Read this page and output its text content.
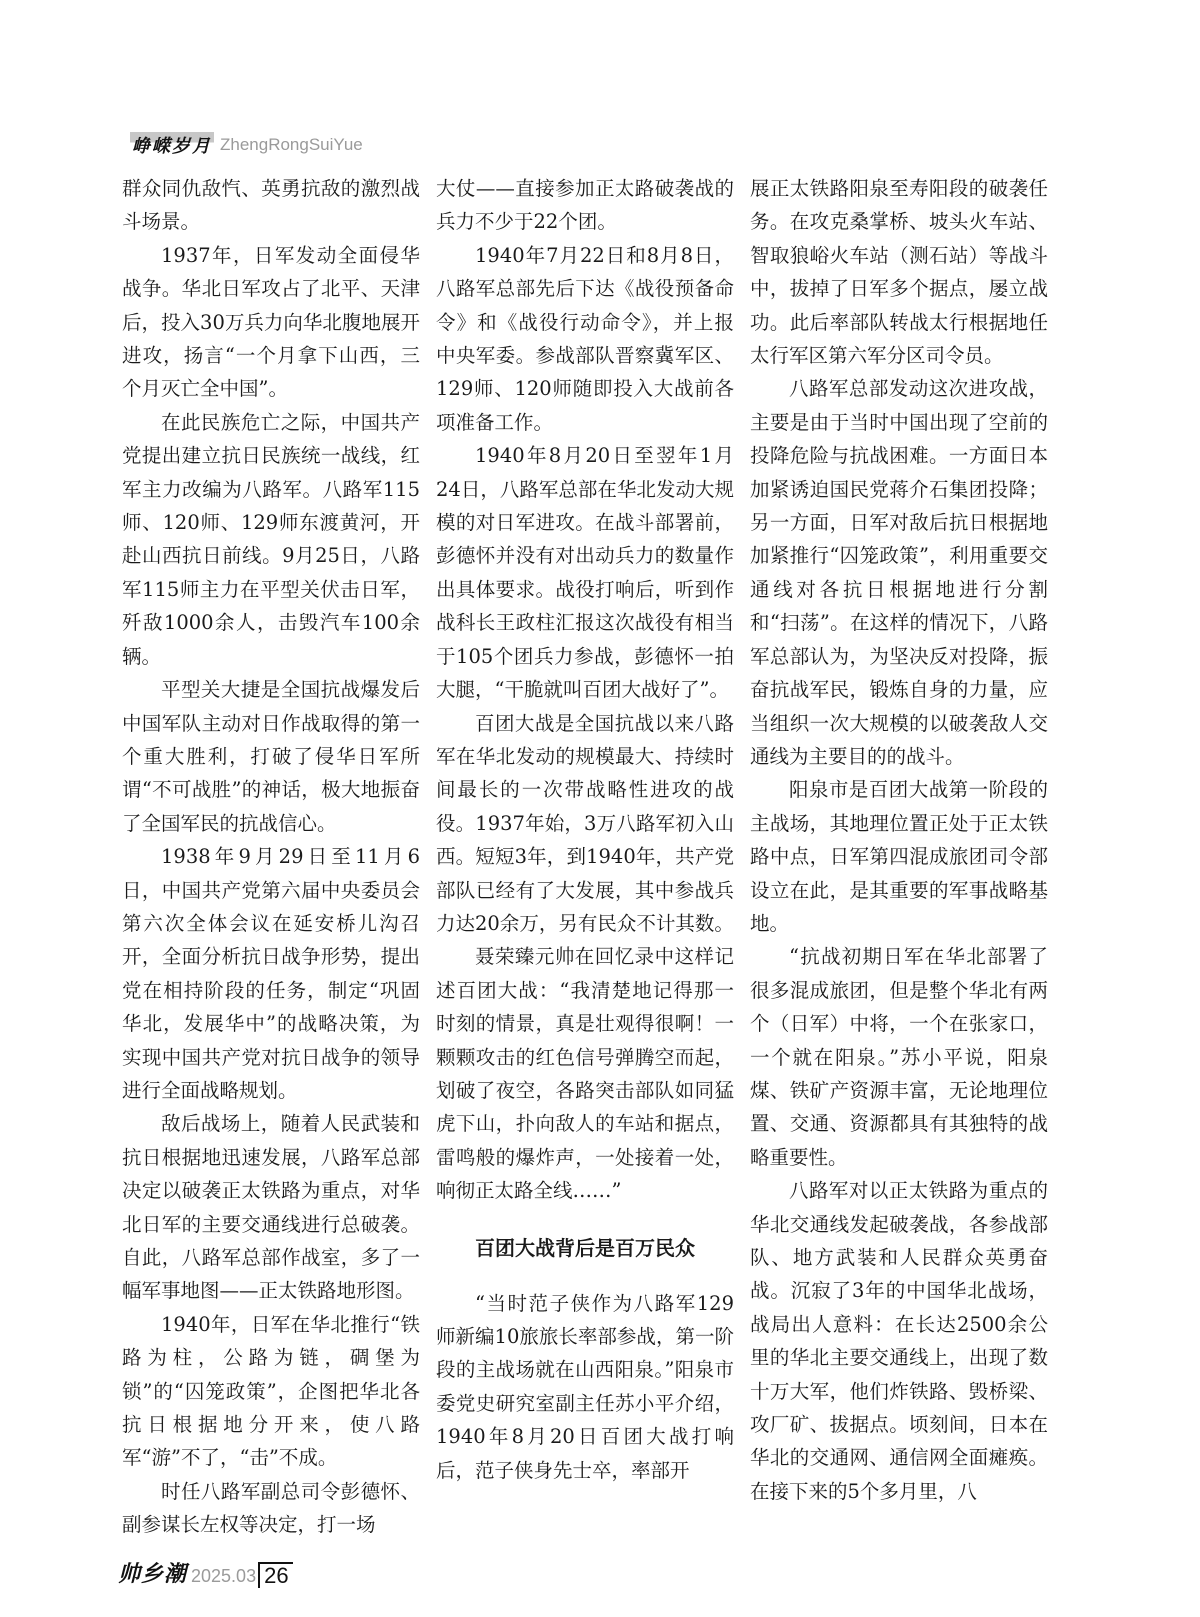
峥嵘岁月 ZhengRongSuiYue

群众同仇敌忾、英勇抗敌的激烈战斗场景。

1937年，日军发动全面侵华战争。华北日军攻占了北平、天津后，投入30万兵力向华北腹地展开进攻，扬言“一个月拿下山西，三个月灭亡全中国”。

在此民族危亡之际，中国共产党提出建立抗日民族统一战线，红军主力改编为八路军。八路军115师、120师、129师东渡黄河，开赴山西抗日前线。9月25日，八路军115师主力在平型关伏击日军，歼敌1000余人，击毁汽车100余辆。

平型关大捷是全国抗战爆发后中国军队主动对日作战取得的第一个重大胜利，打破了侵华日军所谓“不可战胜”的神话，极大地振奋了全国军民的抗战信心。

1938年9月29日至11月6日，中国共产党第六届中央委员会第六次全体会议在延安桥儿沟召开，全面分析抗日战争形势，提出党在相持阶段的任务，制定“巩固华北，发展华中”的战略决策，为实现中国共产党对抗日战争的领导进行全面战略规划。

敌后战场上，随着人民武装和抗日根据地迅速发展，八路军总部决定以破袭正太铁路为重点，对华北日军的主要交通线进行总破袭。自此，八路军总部作战室，多了一幅军事地图——正太铁路地形图。

1940年，日军在华北推行“铁路为柱，公路为链，碉堡为锁”的“囚笼政策”，企图把华北各抗日根据地分开来，使八路军“游”不了，“击”不成。

时任八路军副总司令彭德怀、副参谋长左权等决定，打一场

大仗——直接参加正太路破袭战的兵力不少于22个团。

1940年7月22日和8月8日，八路军总部先后下达《战役预备命令》和《战役行动命令》，并上报中央军委。参战部队晋察冀军区、129师、120师随即投入大战前各项准备工作。

1940年8月20日至翌年1月24日，八路军总部在华北发动大规模的对日军进攻。在战斗部署前，彭德怀并没有对出动兵力的数量作出具体要求。战役打响后，听到作战科长王政柱汇报这次战役有相当于105个团兵力参战，彭德怀一拍大腿，“干脆就叫百团大战好了”。

百团大战是全国抗战以来八路军在华北发动的规模最大、持续时间最长的一次带战略性进攻的战役。1937年始，3万八路军初入山西。短短3年，到1940年，共产党部队已经有了大发展，其中参战兵力达20余万，另有民众不计其数。

聂荣臻元帅在回忆录中这样记述百团大战：“我清楚地记得那一时刻的情景，真是壮观得很啊！一颗颗攻击的红色信号弹腾空而起，划破了夜空，各路突击部队如同猛虎下山，扑向敌人的车站和据点，雷鸣般的爆炸声，一处接着一处，响彻正太路全线……”

百团大战背后是百万民众

“当时范子侠作为八路军129师新编10旅旅长率部参战，第一阶段的主战场就在山西阳泉。”阳泉市委党史研究室副主任苏小平介绍，1940年8月20日百团大战打响后，范子侠身先士卒，率部开

展正太铁路阳泉至寿阳段的破袭任务。在攻克桑掌桥、坡头火车站、智取狼峪火车站（测石站）等战斗中，拔掉了日军多个据点，屡立战功。此后率部队转战太行根据地任太行军区第六军分区司令员。

八路军总部发动这次进攻战，主要是由于当时中国出现了空前的投降危险与抗战困难。一方面日本加紧诱迫国民党蒋介石集团投降；另一方面，日军对敌后抗日根据地加紧推行“囚笼政策”，利用重要交通线对各抗日根据地进行分割和“扫荡”。在这样的情况下，八路军总部认为，为坚决反对投降，振奋抗战军民，锻炼自身的力量，应当组织一次大规模的以破袭敌人交通线为主要目的的战斗。

阳泉市是百团大战第一阶段的主战场，其地理位置正处于正太铁路中点，日军第四混成旅团司令部设立在此，是其重要的军事战略基地。

“抗战初期日军在华北部署了很多混成旅团，但是整个华北有两个（日军）中将，一个在张家口，一个就在阳泉。”苏小平说，阳泉煤、铁矿产资源丰富，无论地理位置、交通、资源都具有其独特的战略重要性。

八路军对以正太铁路为重点的华北交通线发起破袭战，各参战部队、地方武装和人民群众英勇奋战。沉寂了3年的中国华北战场，战局出人意料：在长达2500余公里的华北主要交通线上，出现了数十万大军，他们炸铁路、毁桥梁、攻厂矿、拔据点。顷刻间，日本在华北的交通网、通信网全面瘫痪。在接下来的5个多月里，八

帅乡潮 2025.03 26
